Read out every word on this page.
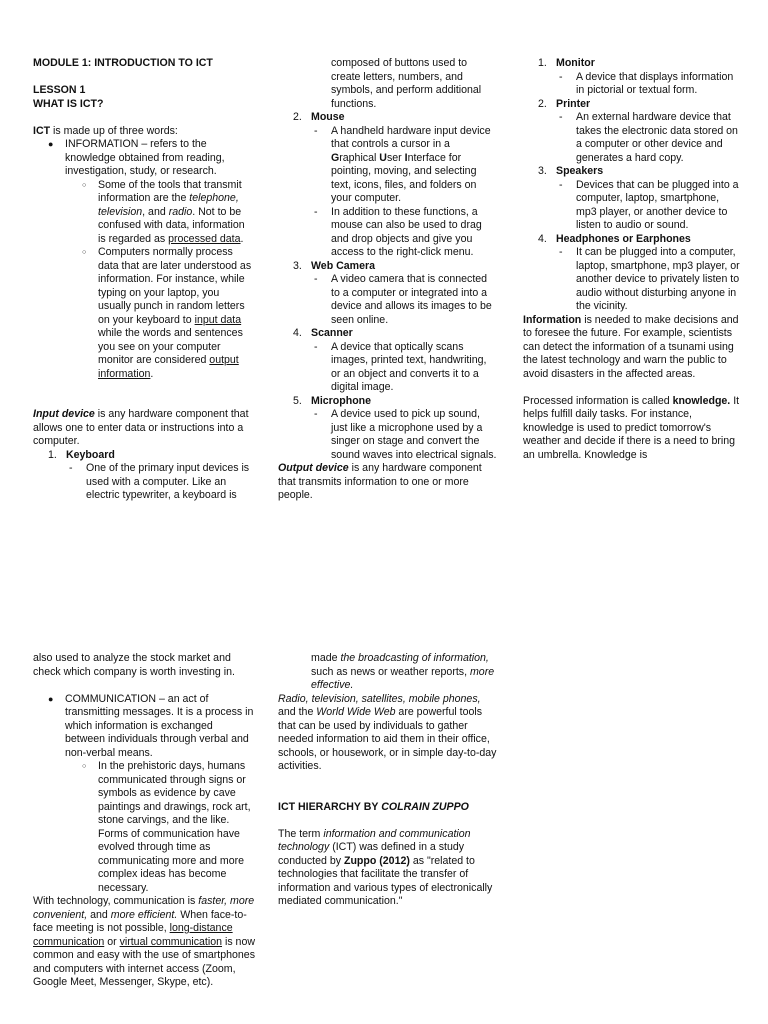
MODULE 1: INTRODUCTION TO ICT

LESSON 1

WHAT IS ICT?

ICT is made up of three words:

● INFORMATION – refers to the knowledge obtained from reading, investigation, study, or research.
○ Some of the tools that transmit information are the telephone, television, and radio. Not to be confused with data, information is regarded as processed data.
○ Computers normally process data that are later understood as information. For instance, while typing on your laptop, you usually punch in random letters on your keyboard to input data while the words and sentences you see on your computer monitor are considered output information.

Input device is any hardware component that allows one to enter data or instructions into a computer.

1. Keyboard
- One of the primary input devices is used with a computer. Like an electric typewriter, a keyboard is

composed of buttons used to create letters, numbers, and symbols, and perform additional functions.

2. Mouse
- A handheld hardware input device that controls a cursor in a Graphical User Interface for pointing, moving, and selecting text, icons, files, and folders on your computer.
- In addition to these functions, a mouse can also be used to drag and drop objects and give you access to the right-click menu.
3. Web Camera
- A video camera that is connected to a computer or integrated into a device and allows its images to be seen online.
4. Scanner
- A device that optically scans images, printed text, handwriting, or an object and converts it to a digital image.
5. Microphone
- A device used to pick up sound, just like a microphone used by a singer on stage and convert the sound waves into electrical signals.

Output device is any hardware component that transmits information to one or more people.

1. Monitor
- A device that displays information in pictorial or textual form.
2. Printer
- An external hardware device that takes the electronic data stored on a computer or other device and generates a hard copy.
3. Speakers
- Devices that can be plugged into a computer, laptop, smartphone, mp3 player, or another device to listen to audio or sound.
4. Headphones or Earphones
- It can be plugged into a computer, laptop, smartphone, mp3 player, or another device to privately listen to audio without disturbing anyone in the vicinity.

Information is needed to make decisions and to foresee the future. For example, scientists can detect the information of a tsunami using the latest technology and warn the public to avoid disasters in the affected areas.

Processed information is called knowledge. It helps fulfill daily tasks. For instance, knowledge is used to predict tomorrow's weather and decide if there is a need to bring an umbrella. Knowledge is

also used to analyze the stock market and check which company is worth investing in.

● COMMUNICATION – an act of transmitting messages. It is a process in which information is exchanged between individuals through verbal and non-verbal means.
○ In the prehistoric days, humans communicated through signs or symbols as evidence by cave paintings and drawings, rock art, stone carvings, and the like. Forms of communication have evolved through time as communicating more and more complex ideas has become necessary.

With technology, communication is faster, more convenient, and more efficient. When face-to-face meeting is not possible, long-distance communication or virtual communication is now common and easy with the use of smartphones and computers with internet access (Zoom, Google Meet, Messenger, Skype, etc).

made the broadcasting of information, such as news or weather reports, more effective.

Radio, television, satellites, mobile phones, and the World Wide Web are powerful tools that can be used by individuals to gather needed information to aid them in their office, schools, or housework, or in simple day-to-day activities.

ICT HIERARCHY BY COLRAIN ZUPPO

The term information and communication technology (ICT) was defined in a study conducted by Zuppo (2012) as "related to technologies that facilitate the transfer of information and various types of electronically mediated communication."
